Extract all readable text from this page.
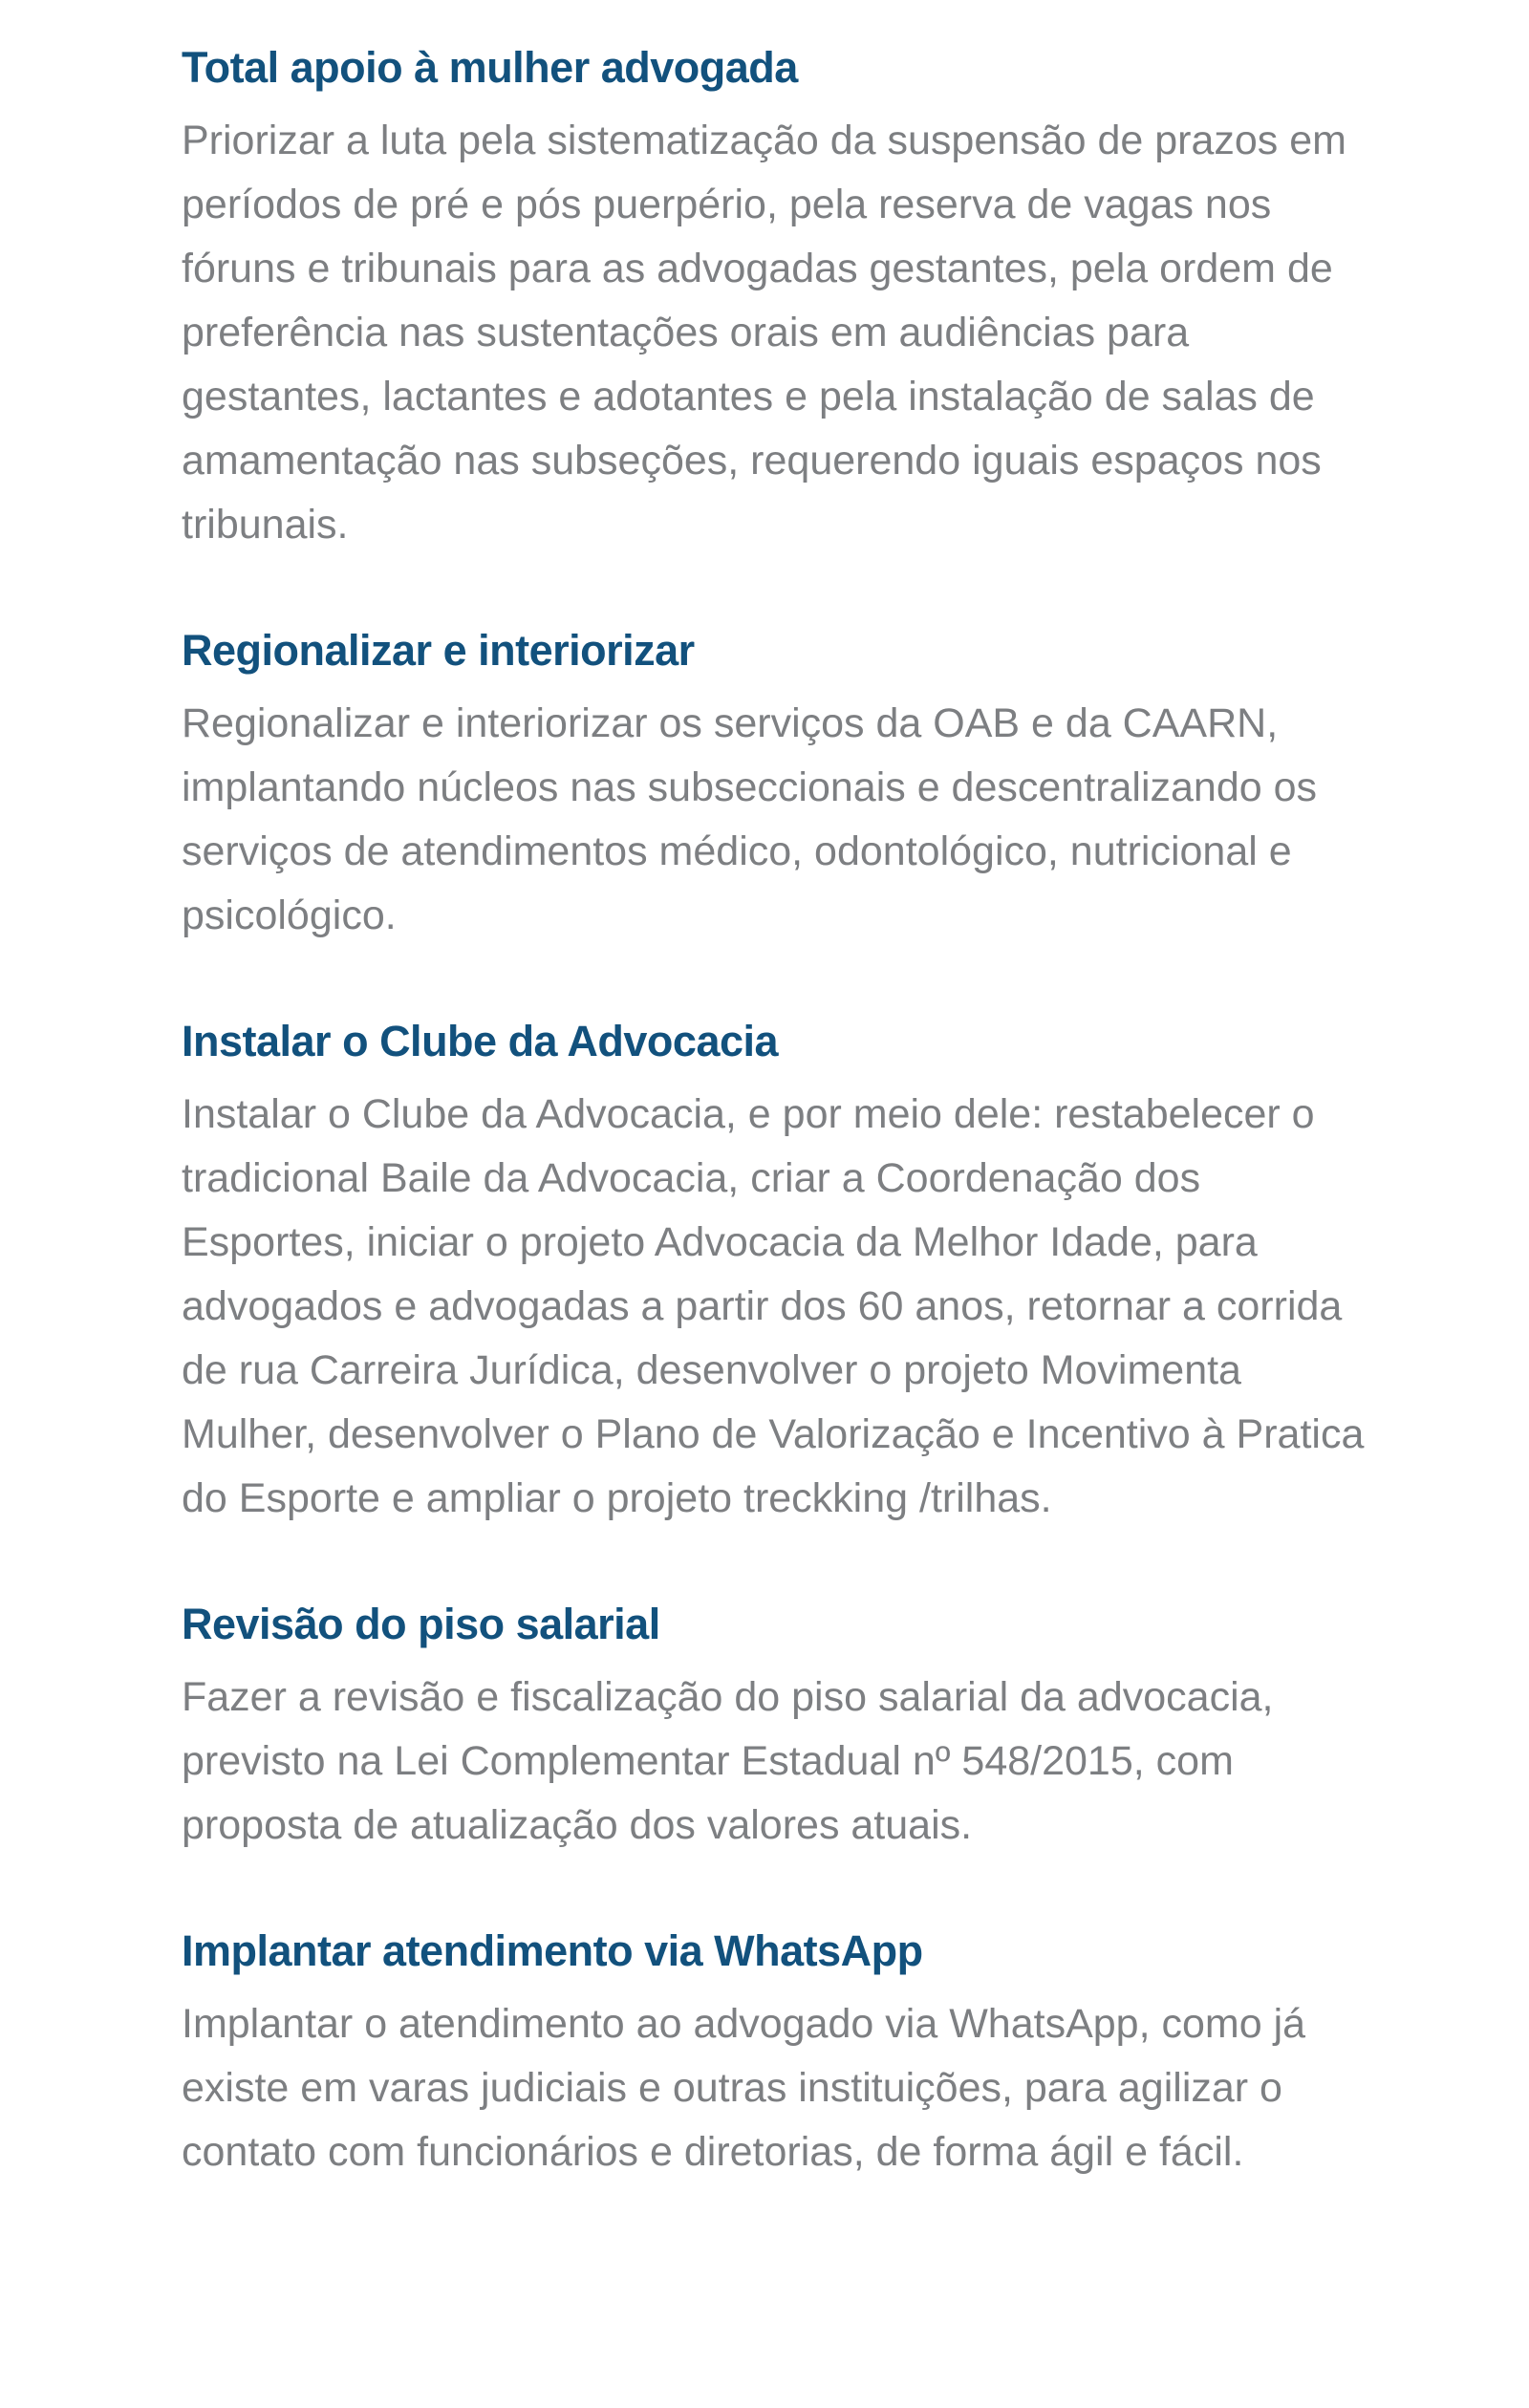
Total apoio à mulher advogada

Priorizar a luta pela sistematização da suspensão de prazos em períodos de pré e pós puerpério, pela reserva de vagas nos fóruns e tribunais para as advogadas gestantes, pela ordem de preferência nas sustentações orais em audiências para gestantes, lactantes e adotantes e pela instalação de salas de amamentação nas subseções, requerendo iguais espaços nos tribunais.

Regionalizar e interiorizar

Regionalizar e interiorizar os serviços da OAB e da CAARN, implantando núcleos nas subseccionais e descentralizando os serviços de atendimentos médico, odontológico, nutricional e psicológico.

Instalar o Clube da Advocacia

Instalar o Clube da Advocacia, e por meio dele: restabelecer o tradicional Baile da Advocacia, criar a Coordenação dos Esportes, iniciar o projeto Advocacia da Melhor Idade, para advogados e advogadas a partir dos 60 anos, retornar a corrida de rua Carreira Jurídica, desenvolver o projeto Movimenta Mulher, desenvolver o Plano de Valorização e Incentivo à Pratica do Esporte e ampliar o projeto treckking /trilhas.

Revisão do piso salarial

Fazer a revisão e fiscalização do piso salarial da advocacia, previsto na Lei Complementar Estadual nº 548/2015, com proposta de atualização dos valores atuais.

Implantar atendimento via WhatsApp

Implantar o atendimento ao advogado via WhatsApp, como já existe em varas judiciais e outras instituições, para agilizar o contato com funcionários e diretorias, de forma ágil e fácil.
